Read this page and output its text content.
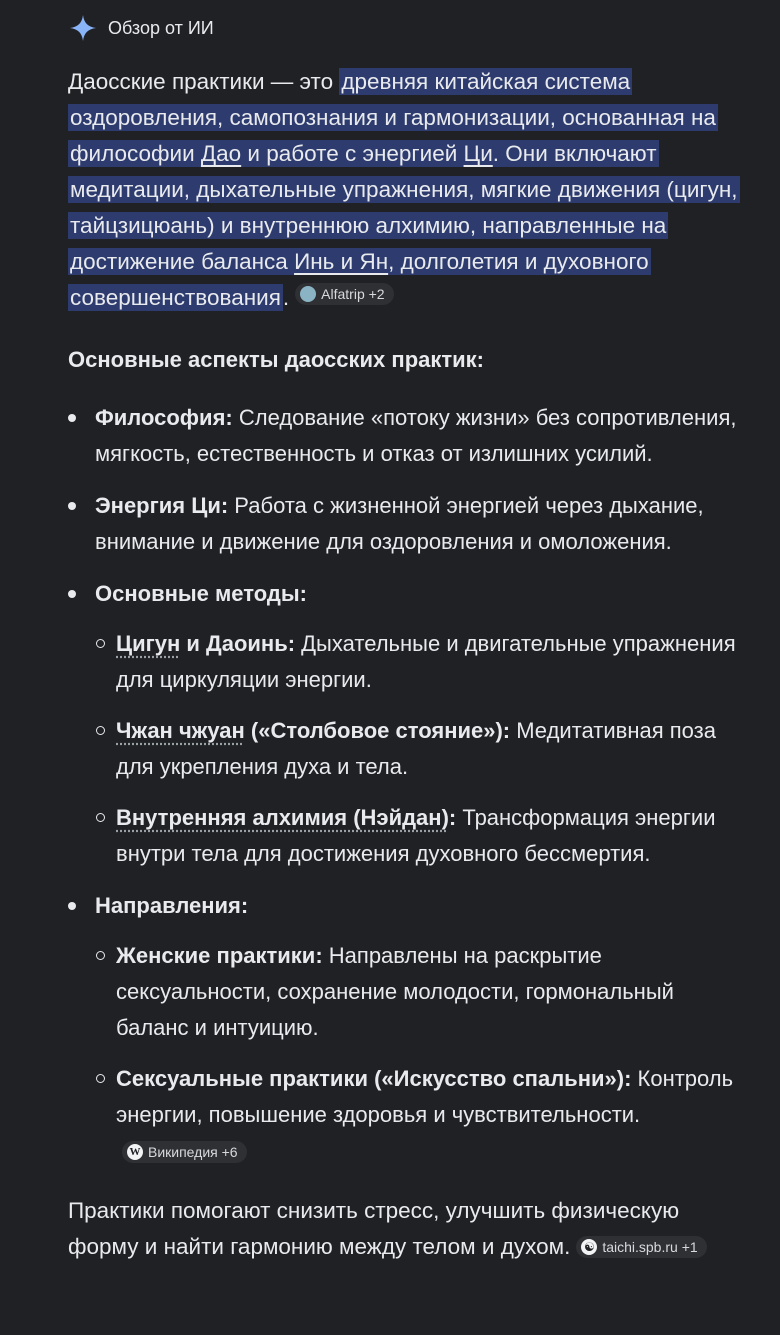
Обзор от ИИ

Даосские практики — это древняя китайская система оздоровления, самопознания и гармонизации, основанная на философии Дао и работе с энергией Ци. Они включают медитации, дыхательные упражнения, мягкие движения (цигун, тайцзицюань) и внутреннюю алхимию, направленные на достижение баланса Инь и Ян, долголетия и духовного совершенствования. Alfatrip +2

Основные аспекты даосских практик:
Философия: Следование «потоку жизни» без сопротивления, мягкость, естественность и отказ от излишних усилий.
Энергия Ци: Работа с жизненной энергией через дыхание, внимание и движение для оздоровления и омоложения.
Основные методы:
Цигун и Даоинь: Дыхательные и двигательные упражнения для циркуляции энергии.
Чжан чжуан («Столбовое стояние»): Медитативная поза для укрепления духа и тела.
Внутренняя алхимия (Нэйдан): Трансформация энергии внутри тела для достижения духовного бессмертия.
Направления:
Женские практики: Направлены на раскрытие сексуальности, сохранение молодости, гормональный баланс и интуицию.
Сексуальные практики («Искусство спальни»): Контроль энергии, повышение здоровья и чувствительности.
W Википедия +6

Практики помогают снизить стресс, улучшить физическую форму и найти гармонию между телом и духом. ☯ taichi.spb.ru +1
